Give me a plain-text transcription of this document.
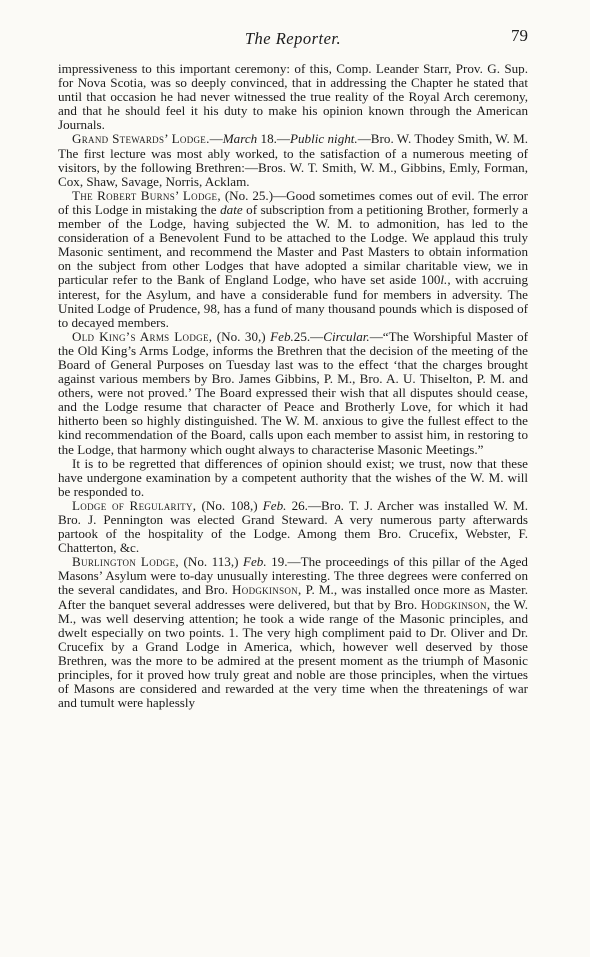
The Reporter.	79

impressiveness to this important ceremony: of this, Comp. Leander Starr, Prov. G. Sup. for Nova Scotia, was so deeply convinced, that in addressing the Chapter he stated that until that occasion he had never witnessed the true reality of the Royal Arch ceremony, and that he should feel it his duty to make his opinion known through the American Journals.

Grand Stewards’ Lodge.—March 18.—Public night.—Bro. W. Thodey Smith, W. M. The first lecture was most ably worked, to the satisfaction of a numerous meeting of visitors, by the following Brethren:—Bros. W. T. Smith, W. M., Gibbins, Emly, Forman, Cox, Shaw, Savage, Norris, Acklam.

The Robert Burns’ Lodge, (No. 25.)—Good sometimes comes out of evil. The error of this Lodge in mistaking the date of subscription from a petitioning Brother, formerly a member of the Lodge, having subjected the W. M. to admonition, has led to the consideration of a Benevolent Fund to be attached to the Lodge. We applaud this truly Masonic sentiment, and recommend the Master and Past Masters to obtain information on the subject from other Lodges that have adopted a similar charitable view, we in particular refer to the Bank of England Lodge, who have set aside 100l., with accruing interest, for the Asylum, and have a considerable fund for members in adversity. The United Lodge of Prudence, 98, has a fund of many thousand pounds which is disposed of to decayed members.

Old King’s Arms Lodge, (No. 30,) Feb.25.—Circular.—“The Worshipful Master of the Old King’s Arms Lodge, informs the Brethren that the decision of the meeting of the Board of General Purposes on Tuesday last was to the effect ‘that the charges brought against various members by Bro. James Gibbins, P. M., Bro. A. U. Thiselton, P. M. and others, were not proved.’ The Board expressed their wish that all disputes should cease, and the Lodge resume that character of Peace and Brotherly Love, for which it had hitherto been so highly distinguished. The W. M. anxious to give the fullest effect to the kind recommendation of the Board, calls upon each member to assist him, in restoring to the Lodge, that harmony which ought always to characterise Masonic Meetings.”

It is to be regretted that differences of opinion should exist; we trust, now that these have undergone examination by a competent authority that the wishes of the W. M. will be responded to.

Lodge of Regularity, (No. 108,) Feb. 26.—Bro. T. J. Archer was installed W. M. Bro. J. Pennington was elected Grand Steward. A very numerous party afterwards partook of the hospitality of the Lodge. Among them Bro. Crucefix, Webster, F. Chatterton, &c.

Burlington Lodge, (No. 113,) Feb. 19.—The proceedings of this pillar of the Aged Masons’ Asylum were to-day unusually interesting. The three degrees were conferred on the several candidates, and Bro. Hodgkinson, P. M., was installed once more as Master. After the banquet several addresses were delivered, but that by Bro. Hodgkinson, the W. M., was well deserving attention; he took a wide range of the Masonic principles, and dwelt especially on two points. 1. The very high compliment paid to Dr. Oliver and Dr. Crucefix by a Grand Lodge in America, which, however well deserved by those Brethren, was the more to be admired at the present moment as the triumph of Masonic principles, for it proved how truly great and noble are those principles, when the virtues of Masons are considered and rewarded at the very time when the threatenings of war and tumult were haplessly
